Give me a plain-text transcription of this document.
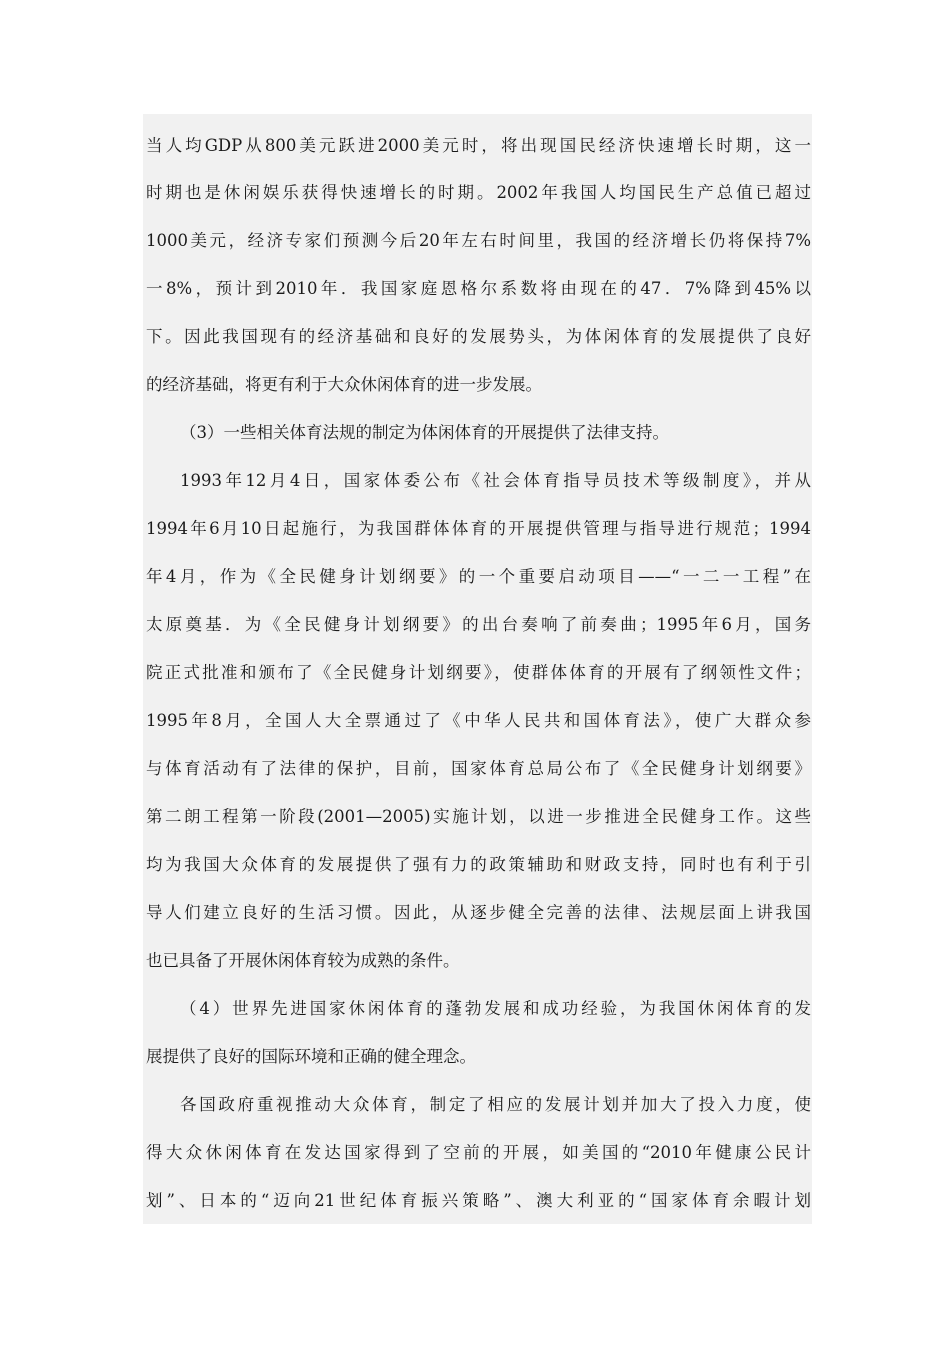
当人均GDP从800美元跃进2000美元时，将出现国民经济快速增长时期，这一
时期也是休闲娱乐获得快速增长的时期。2002年我国人均国民生产总值已超过
1000美元，经济专家们预测今后20年左右时间里，我国的经济增长仍将保持7%
一8%，预计到2010年．我国家庭恩格尔系数将由现在的47．7%降到45%以
下。因此我国现有的经济基础和良好的发展势头，为体闲体育的发展提供了良好
的经济基础，将更有利于大众休闲体育的进一步发展。
（3）一些相关体育法规的制定为体闲体育的开展提供了法律支持。
1993年12月4日，国家体委公布《社会体育指导员技术等级制度》，并从
1994年6月10日起施行，为我国群体体育的开展提供管理与指导进行规范；1994
年4月，作为《全民健身计划纲要》的一个重要启动项目——“一二一工程”在
太原奠基．为《全民健身计划纲要》的出台奏响了前奏曲；1995年6月，国务
院正式批准和颁布了《全民健身计划纲要》，使群体体育的开展有了纲领性文件；
1995年8月，全国人大全票通过了《中华人民共和国体育法》，使广大群众参
与体育活动有了法律的保护，目前，国家体育总局公布了《全民健身计划纲要》
第二朗工程第一阶段(2001—2005)实施计划，以进一步推进全民健身工作。这些
均为我国大众体育的发展提供了强有力的政策辅助和财政支持，同时也有利于引
导人们建立良好的生活习惯。因此，从逐步健全完善的法律、法规层面上讲我国
也已具备了开展休闲体育较为成熟的条件。
（4）世界先进国家休闲体育的蓬勃发展和成功经验，为我国休闲体育的发
展提供了良好的国际环境和正确的健全理念。
各国政府重视推动大众体育，制定了相应的发展计划并加大了投入力度，使
得大众休闲体育在发达国家得到了空前的开展，如美国的“2010年健康公民计
划”、日本的“迈向21世纪体育振兴策略”、澳大利亚的“国家体育余暇计划
